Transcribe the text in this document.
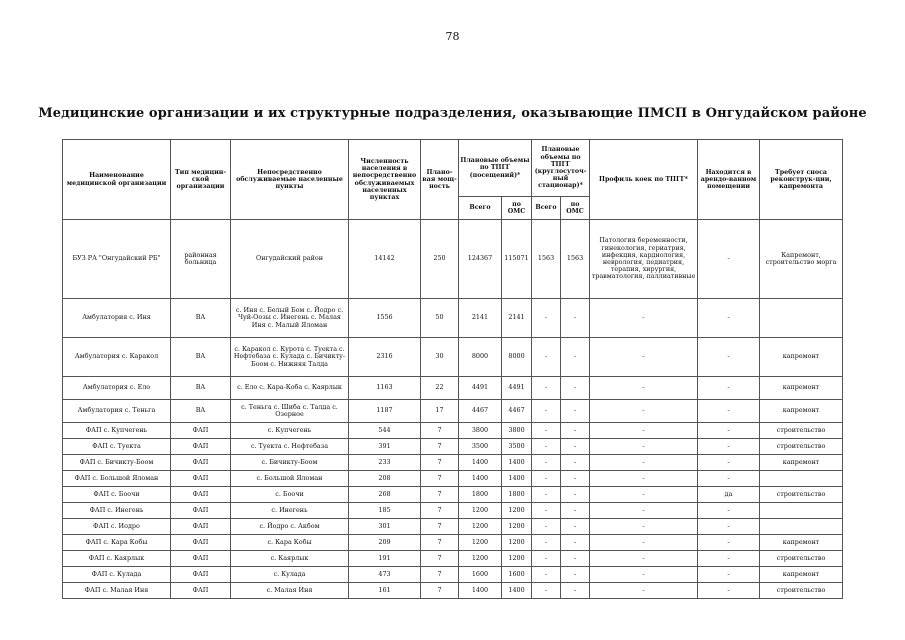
78
Медицинские организации и их структурные подразделения, оказывающие ПМСП в Онгудайском районе
Наименование медицинской организации	Тип медицин-ской организации	Непосредственно обслуживаемые населенные пункты	Численность населения в непосредственно обслуживаемых населенных пунктах	Плано-вая мощ-ность	Плановые объемы по ТПГГ (посещений)*		Плановые объемы по ТПГГ (круглосуточ-ный стационар)*		Профиль коек по ТПГГ*	Находится в арендо-ванном помещении	Требует сноса реконструк-ции, капремонта
					Всего	по ОМС	Всего	по ОМС			
БУЗ РА "Онгудайский РБ"	районная больница	Онгудайский район	14142	250	124367	115071	1563	1563	Патология беременности, гинекология, гериатрия, инфекция, кардиология, неврология, педиатрия, терапия, хирургия, травматология, паллиативные	-	Капремонт, строительство морга
Амбулатория с. Иня	ВА	с. Иня с. Белый Бом с. Йодро с. Чуй-Оозы с. Инегень с. Малая Иня с. Малый Яломан	1556	50	2141	2141	-	-	-	-	
Амбулатория с. Каракол	ВА	с. Каракол с. Курота с. Туекта с. Нефтебаза с. Кулада с. Бичикту-Боом с. Нижняя Талда	2316	30	8000	8000	-	-	-	-	капремонт
Амбулатория с. Ело	ВА	с. Ело с. Кара-Коба с. Каярлык	1163	22	4491	4491	-	-	-	-	капремонт
Амбулатория с. Теньга	ВА	с. Теньга с. Шиба с. Талда с. Озерное	1187	17	4467	4467	-	-	-	-	капремонт
ФАП с. Купчегень	ФАП	с. Купчегень	544	7	3800	3800	-	-	-	-	строительство
ФАП с. Туекта	ФАП	с. Туекта с. Нефтебаза	391	7	3500	3500	-	-	-	-	строительство
ФАП с. Бичикту-Боом	ФАП	с. Бичикту-Боом	233	7	1400	1400	-	-	-	-	капремонт
ФАП с. Большой Яломан	ФАП	с. Большой Яломан	208	7	1400	1400	-	-	-	-	
ФАП с. Боочи	ФАП	с. Боочи	268	7	1800	1800	-	-	-	да	строительство
ФАП с. Инегень	ФАП	с. Инегень	185	7	1200	1200	-	-	-	-	
ФАП с. Иодро	ФАП	с. Йодро с. Акбом	301	7	1200	1200	-	-	-	-	
ФАП с. Кара Кобы	ФАП	с. Кара Кобы	209	7	1200	1200	-	-	-	-	капремонт
ФАП с. Каярлык	ФАП	с. Каярлык	191	7	1200	1200	-	-	-	-	строительство
ФАП с. Кулада	ФАП	с. Кулада	473	7	1600	1600	-	-	-	-	капремонт
ФАП с. Малая Иня	ФАП	с. Малая Иня	161	7	1400	1400	-	-	-	-	строительство
